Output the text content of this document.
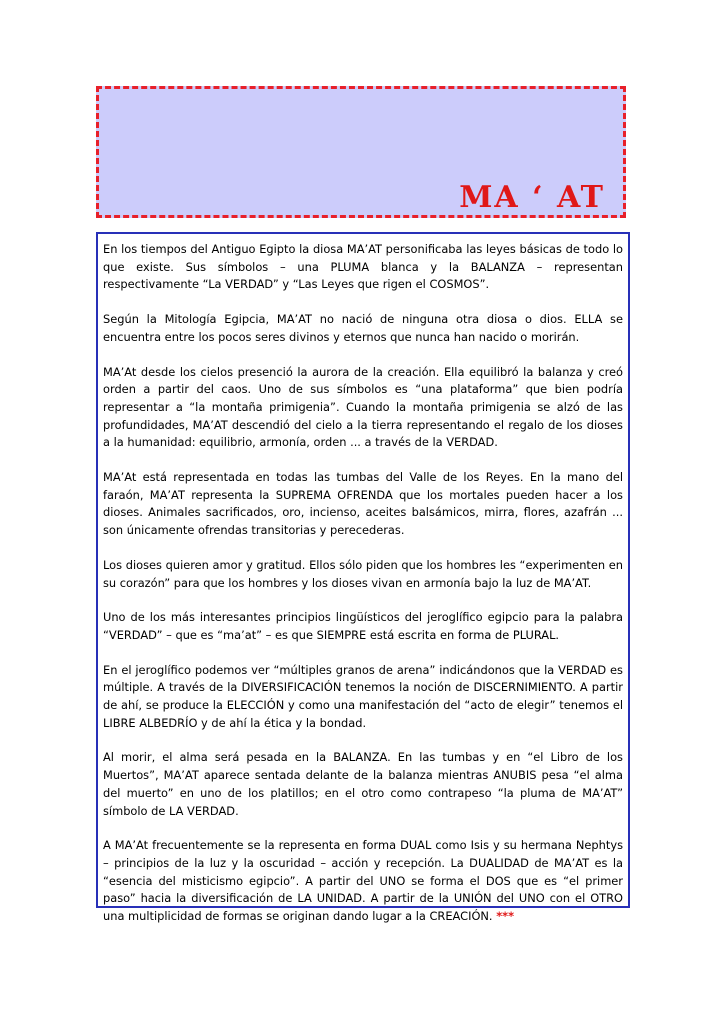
MA ‘ AT

En los tiempos del Antiguo Egipto la diosa MA’AT personificaba las leyes básicas de todo lo que existe. Sus símbolos – una PLUMA blanca y la BALANZA – representan respectivamente “La VERDAD” y “Las Leyes que rigen el COSMOS”.

Según la Mitología Egipcia, MA’AT no nació de ninguna otra diosa o dios. ELLA se encuentra entre los pocos seres divinos y eternos que nunca han nacido o morirán.

MA’At desde los cielos presenció la aurora de la creación. Ella equilibró la balanza y creó orden a partir del caos. Uno de sus símbolos es “una plataforma” que bien podría representar a “la montaña primigenia”. Cuando la montaña primigenia se alzó de las profundidades, MA’AT descendió del cielo a la tierra representando el regalo de los dioses a la humanidad: equilibrio, armonía, orden ... a través de la VERDAD.

MA’At está representada en todas las tumbas del Valle de los Reyes. En la mano del faraón, MA’AT representa la SUPREMA OFRENDA que los mortales pueden hacer a los dioses. Animales sacrificados, oro, incienso, aceites balsámicos, mirra, flores, azafrán ... son únicamente ofrendas transitorias y perecederas.

Los dioses quieren amor y gratitud. Ellos sólo piden que los hombres les “experimenten en su corazón” para que los hombres y los dioses vivan en armonía bajo la luz de MA’AT.

Uno de los más interesantes principios lingüísticos del jeroglífico egipcio para la palabra “VERDAD” – que es “ma’at” – es que SIEMPRE está escrita en forma de PLURAL.

En el jeroglífico podemos ver “múltiples granos de arena” indicándonos que la VERDAD es múltiple. A través de la DIVERSIFICACIÓN tenemos la noción de DISCERNIMIENTO. A partir de ahí, se produce la ELECCIÓN y como una manifestación del “acto de elegir” tenemos el LIBRE ALBEDRÍO y de ahí la ética y la bondad.

Al morir, el alma será pesada en la BALANZA. En las tumbas y en “el Libro de los Muertos”, MA’AT aparece sentada delante de la balanza mientras ANUBIS pesa “el alma del muerto” en uno de los platillos; en el otro como contrapeso “la pluma de MA’AT” símbolo de LA VERDAD.

A MA’At frecuentemente se la representa en forma DUAL como Isis y su hermana Nephtys – principios de la luz y la oscuridad – acción y recepción. La DUALIDAD de MA’AT es la “esencia del misticismo egipcio”. A partir del UNO se forma el DOS que es “el primer paso” hacia la diversificación de LA UNIDAD. A partir de la UNIÓN del UNO con el OTRO una multiplicidad de formas se originan dando lugar a la CREACIÓN. ***
